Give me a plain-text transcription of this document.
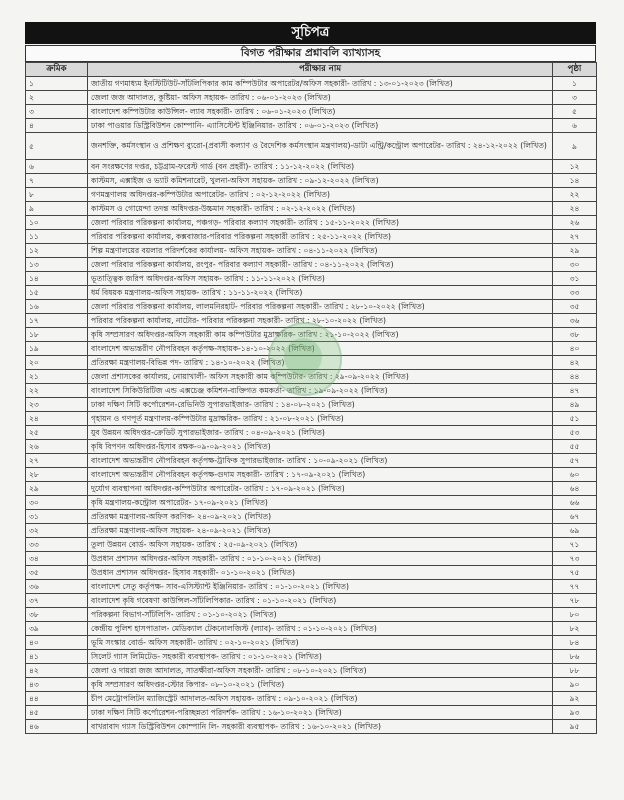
সূচিপত্র
বিগত পরীক্ষার প্রশ্নাবলি ব্যাখ্যাসহ
ক্রমিক	পরীক্ষার নাম	পৃষ্ঠা
১	জাতীয় গণমাধ্যম ইনস্টিটিউট-সাঁটলিপিকার কাম কম্পিউটার অপারেটর/অফিস সহকারী- তারিখ : ১৩-০১-২০২৩ (লিখিত)	১
২	জেলা জজ আদালত, কুষ্টিয়া- অফিস সহায়ক- তারিখ : ০৬-০১-২০২৩ (লিখিত)	৩
৩	বাংলাদেশ কম্পিউটার কাউন্সিল- ল্যাব সহকারী- তারিখ : ০৬-০১-২০২৩ (লিখিত)	৫
৪	ঢাকা পাওয়ার ডিস্ট্রিবিউশন কোম্পানি- এ্যাসিস্টেন্ট ইঞ্জিনিয়ার- তারিখ : ০৬-০১-২০২৩ (লিখিত)	৬
৫	জনশক্তি, কর্মসংস্থান ও প্রশিক্ষণ ব্যুরো-(প্রবাসী কল্যাণ ও বৈদেশিক কর্মসংস্থান মন্ত্রণালয়)-ডাটা এন্ট্রি/কন্ট্রোল অপারেটর- তারিখ : ২৪-১২-২০২২ (লিখিত)	৯
৬	বন সংরক্ষণের দপ্তর, চট্টগ্রাম-ফরেস্ট গার্ড (বন প্রহরী)- তারিখ : ১১-১২-২০২২ (লিখিত)	১২
৭	কাস্টমস, এক্সাইজ ও ভ্যাট কমিশনারেট, খুলনা-অফিস সহায়ক- তারিখ : ০৯-১২-২০২২ (লিখিত)	১৪
৮	গণমন্ত্রণালয় অধিদপ্তর-কম্পিউটার অপারেটর- তারিখ : ০২-১২-২০২২ (লিখিত)	২২
৯	কাস্টমস ও গোয়েন্দা তদন্ত অধিদপ্তর-উচ্চমান সহকারী- তারিখ : ০২-১২-২০২২ (লিখিত)	২৪
১০	জেলা পরিবার পরিকল্পনা কার্যালয়, পঞ্চগড়- পরিবার কল্যাণ সহকারী- তারিখ : ১৫-১১-২০২২ (লিখিত)	২৬
১১	পরিবার পরিকল্পনা কার্যালয়, কক্সবাজার-পরিবার পরিকল্পনা সহকারী তারিখ : ২৫-১১-২০২২ (লিখিত)	২৭
১২	শিল্প মন্ত্রণালয়ের বয়লার পরিদর্শকের কার্যালয়- অফিস সহায়ক- তারিখ : ০৪-১১-২০২২ (লিখিত)	২৯
১৩	জেলা পরিবার পরিকল্পনা কার্যালয়, রংপুর- পরিবার কল্যাণ সহকারী- তারিখ : ০৪-১১-২০২২ (লিখিত)	৩০
১৪	ভূতাত্ত্বিক জরিপ অধিদপ্তর-অফিস সহায়ক- তারিখ : ১১-১১-২০২২ (লিখিত)	৩১
১৫	ধর্ম বিষয়ক মন্ত্রণালয়-অফিস সহায়ক- তারিখ : ১১-১১-২০২২ (লিখিত)	৩৩
১৬	জেলা পরিবার পরিকল্পনা কার্যালয়, লালমনিরহাট- পরিবার পরিকল্পনা সহকারী- তারিখ : ২৮-১০-২০২২ (লিখিত)	৩৫
১৭	পরিবার পরিকল্পনা কার্যালয়, নাটোর- পরিবার পরিকল্পনা সহকারী- তারিখ : ২৮-১০-২০২২ (লিখিত)	৩৬
১৮	কৃষি সম্প্রসারণ অধিদপ্তর-অফিস সহকারী কাম কম্পিউটার মুদ্রাক্ষরিক- তারিখ : ২১-১০-২০২২ (লিখিত)	৩৮
১৯	বাংলাদেশ অভ্যন্তরীণ নৌপরিবহন কর্তৃপক্ষ-সহায়ক-১৪-১০-২০২২ (লিখিত)	৪০
২০	প্রতিরক্ষা মন্ত্রণালয়-বিভিন্ন পদ- তারিখ : ১৪-১০-২০২২ (লিখিত)	৪২
২১	জেলা প্রশাসকের কার্যালয়, নোয়াখালী- অফিস সহকারী কাম কম্পিউটার- তারিখ : ২৯-০৯-২০২২ (লিখিত)	৪৪
২২	বাংলাদেশ সিকিউরিটিজ এন্ড এক্সচেঞ্জ কমিশন-ব্যক্তিগত কমকর্তা- তারিখ : ১৯-০৯-২০২২ (লিখিত)	৪৭
২৩	ঢাকা দক্ষিণ সিটি কর্পোরেশন-রেভিনিউ সুপারভাইজার- তারিখ : ১৪-০৮-২০২১ (লিখিত)	৪৯
২৪	গৃহায়ন ও গণপূর্ত মন্ত্রণালয়-কম্পিউটার মুদ্রাক্ষরিক- তারিখ : ২১-০৮-২০২১ (লিখিত)	৫১
২৫	যুব উন্নয়ন অধিদপ্তর-ক্রেডিট সুপারভাইজার- তারিখ : ০৪-০৯-২০২১ (লিখিত)	৫৩
২৬	কৃষি বিপণন অধিদপ্তর-হিসাব রক্ষক-০৯-০৯-২০২১ (লিখিত)	৫৫
২৭	বাংলাদেশ অভ্যন্তরীণ নৌপরিবহন কর্তৃপক্ষ-ট্রাফিক সুপারভাইজার- তারিখ : ১০-০৯-২০২১ (লিখিত)	৫৭
২৮	বাংলাদেশ অভ্যন্তরীণ নৌপরিবহন কর্তৃপক্ষ-গুদাম সহকারী- তারিখ : ১৭-০৯-২০২১ (লিখিত)	৬০
২৯	দুর্যোগ ব্যবস্থাপনা অধিদপ্তর-কম্পিউটার অপারেটর- তারিখ : ১৭-০৯-২০২১ (লিখিত)	৬৪
৩০	কৃষি মন্ত্রণালয়-কন্ট্রোল অপারেটর- ১৭-০৯-২০২১ (লিখিত)	৬৬
৩১	প্রতিরক্ষা মন্ত্রণালয়-অফিস করণিক- ২৪-০৯-২০২১ (লিখিত)	৬৭
৩২	প্রতিরক্ষা মন্ত্রণালয়-অফিস সহায়ক- ২৪-০৯-২০২১ (লিখিত)	৬৯
৩৩	তুলা উন্নয়ন বোর্ড- অফিস সহায়ক- তারিখ : ২৫-০৯-২০২১ (লিখিত)	৭১
৩৪	উপ্রধান প্রশাসন অধিদপ্তর-অফিস সহকারী- তারিখ : ০১-১০-২০২১ (লিখিত)	৭৩
৩৫	উপ্রধান প্রশাসন অধিদপ্তর- হিসাব সহকারী- ০১-১০-২০২১ (লিখিত)	৭৫
৩৬	বাংলাদেশ সেতু কর্তৃপক্ষ- সাব-এসিস্ট্যান্ট ইঞ্জিনিয়ার- তারিখ : ০১-১০-২০২১ (লিখিত)	৭৭
৩৭	বাংলাদেশ কৃষি গবেষণা কাউন্সিল-সাঁটলিপিকার- তারিখ : ০১-১০-২০২১ (লিখিত)	৭৮
৩৮	পরিকল্পনা বিভাগ-সাঁটলিপি- তারিখ : ০১-১০-২০২১ (লিখিত)	৮০
৩৯	কেন্দ্রীয় পুলিশ হাসপাতাল- মেডিক্যাল টেকনোলজিস্ট (ল্যাব)- তারিখ : ০১-১০-২০২১ (লিখিত)	৮২
৪০	ভূমি সংস্কার বোর্ড- অফিস সহকারী- তারিখ : ০২-১০-২০২১ (লিখিত)	৮৪
৪১	সিলেট গ্যাস লিমিটেড- সহকারী ব্যবস্থাপক- তারিখ : ০১-১০-২০২১ (লিখিত)	৮৬
৪২	জেলা ও দায়রা জজ আদালত, সাতক্ষীরা-অফিস সহকারী- তারিখ : ০৮-১০-২০২১ (লিখিত)	৮৮
৪৩	কৃষি সম্প্রসারণ অধিদপ্তর-স্টোর কিপার- ০৮-১০-২০২১ (লিখিত)	৯০
৪৪	চীপ মেট্রোপলিটন ম্যাজিস্ট্রেট আদালত-অফিস সহায়ক- তারিখ : ০৯-১০-২০২১ (লিখিত)	৯২
৪৫	ঢাকা দক্ষিণ সিটি কর্পোরেশন-পরিচ্ছন্নতা পরিদর্শক- তারিখ : ১৬-১০-২০২১ (লিখিত)	৯৩
৪৬	বাখরাবাদ গ্যাস ডিস্ট্রিবিউশন কোম্পানি লি- সহকারী ব্যবস্থাপক- তারিখ : ১৬-১০-২০২১ (লিখিত)	৯৫
